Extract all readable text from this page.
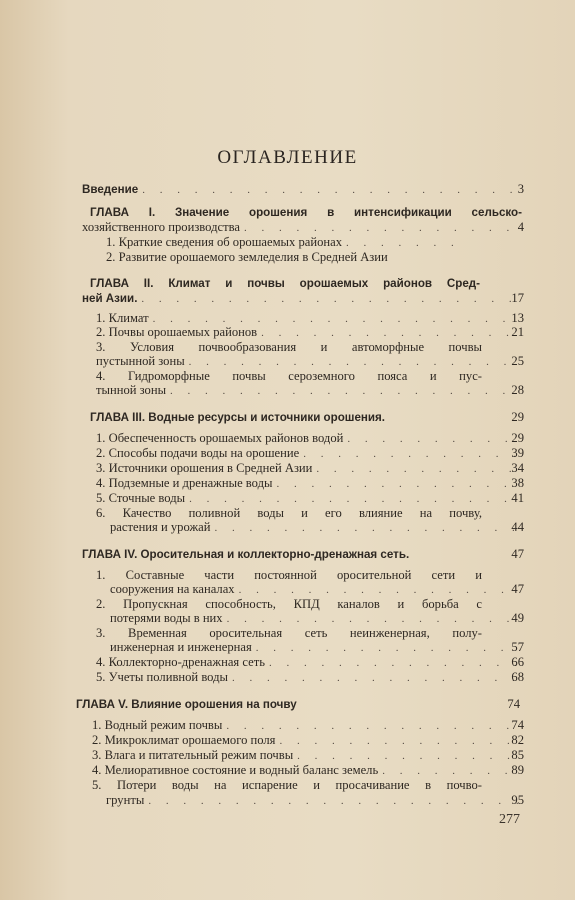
ОГЛАВЛЕНИЕ
Введение . . .	3
ГЛАВА I. Значение орошения в интенсификации сельско-
хозяйственного производства . . .	4
1. Краткие сведения об орошаемых районах
. . .
2. Развитие орошаемого земледелия в Средней Азии
ГЛАВА II. Климат и почвы орошаемых районов Сред-
ней Азии. . . .	17
1. Климат . . .	13
2. Почвы орошаемых районов . . .	21
3. Условия почвообразования и автоморфные почвы
пустынной зоны . . .	25
4. Гидроморфные почвы сероземного пояса и пус-
тынной зоны . . .	28
ГЛАВА III. Водные ресурсы и источники орошения.	29
1. Обеспеченность орошаемых районов водой . . .	29
2. Способы подачи воды на орошение . . .	39
3. Источники орошения в Средней Азии . . .	34
4. Подземные и дренажные воды . . .	38
5. Сточные воды . . .	41
6. Качество поливной воды и его влияние на почву,
растения и урожай . . .	44
ГЛАВА IV. Оросительная и коллекторно-дренажная сеть.	47
1. Составные части постоянной оросительной сети и
сооружения на каналах . . .	47
2. Пропускная способность, КПД каналов и борьба с
потерями воды в них . . .	49
3. Временная оросительная сеть неинженерная, полу-
инженерная и инженерная . . .	57
4. Коллекторно-дренажная сеть . . .	66
5. Учеты поливной воды . . .	68
ГЛАВА V. Влияние орошения на почву	74
1. Водный режим почвы . . .	74
2. Микроклимат орошаемого поля . . .	82
3. Влага и питательный режим почвы . . .	85
4. Мелиоративное состояние и водный баланс земель . . .	89
5. Потери воды на испарение и просачивание в почво-
грунты . . .	95
277
